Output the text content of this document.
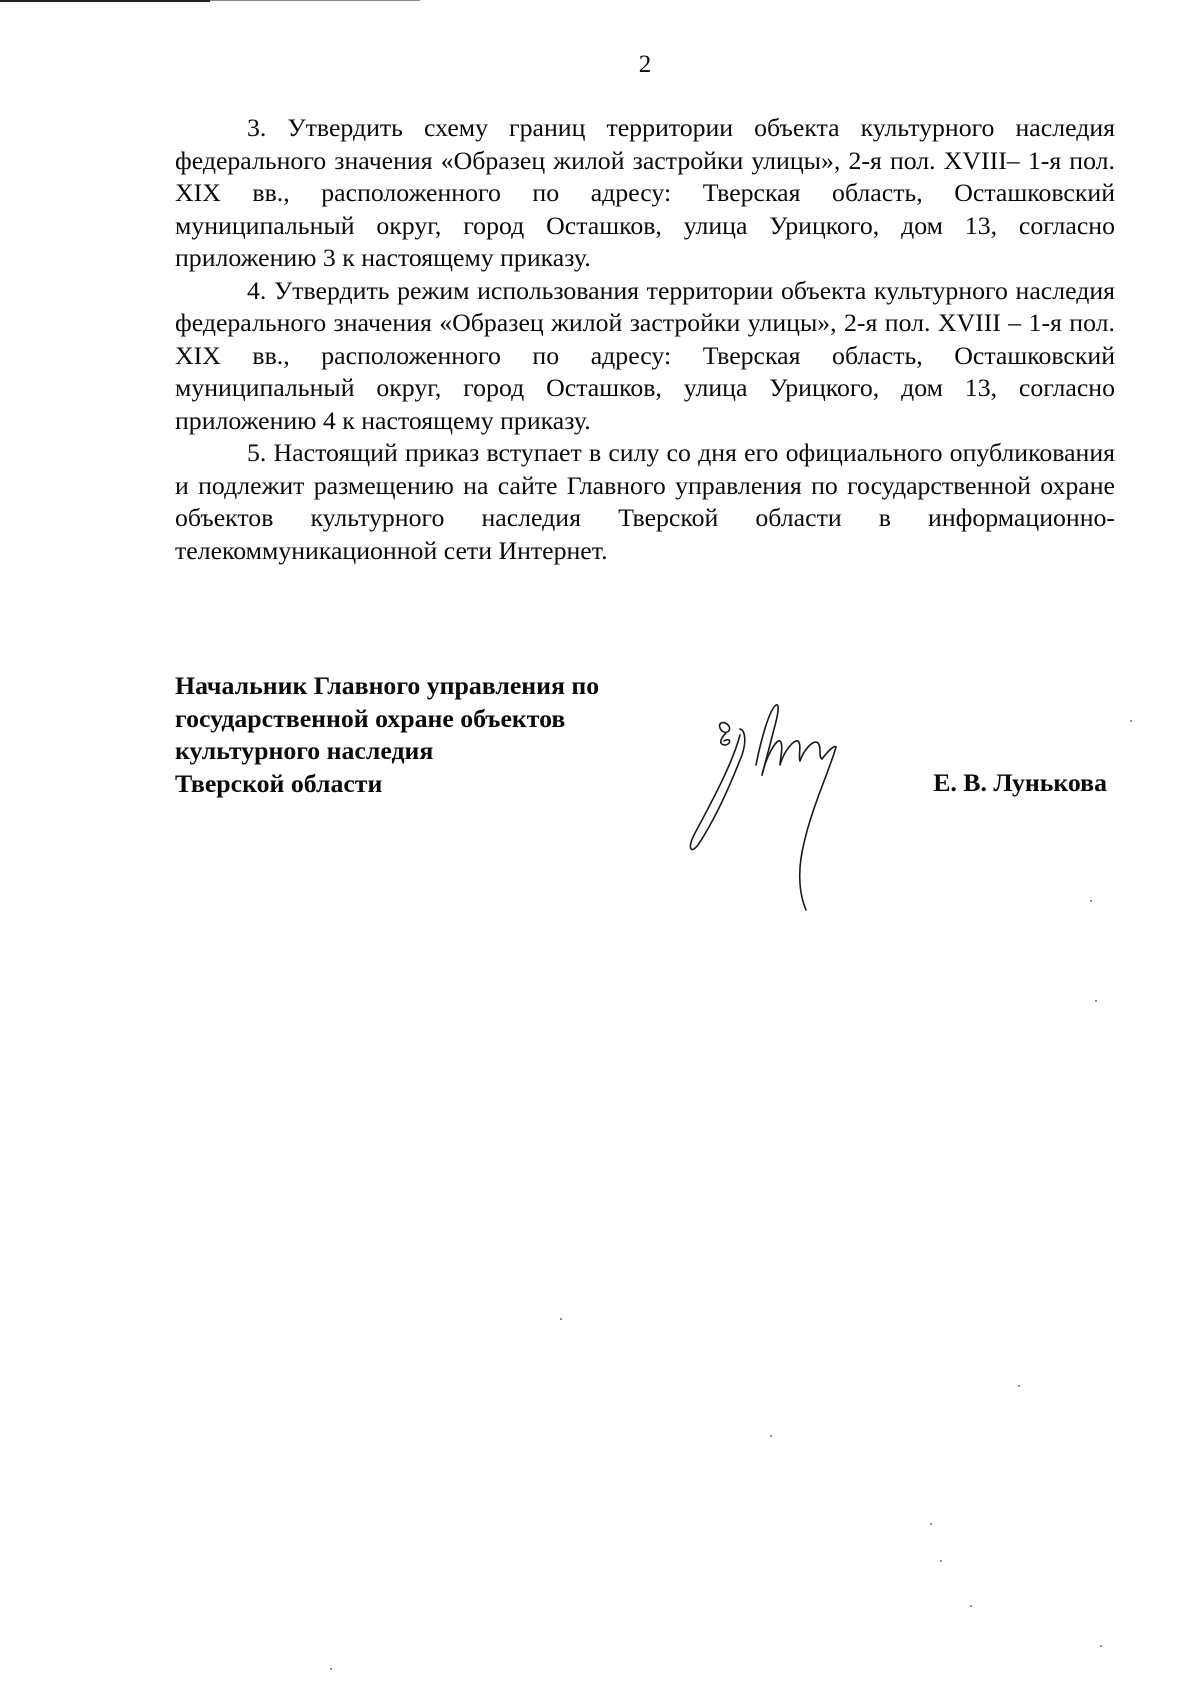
2

3. Утвердить схему границ территории объекта культурного наследия федерального значения «Образец жилой застройки улицы», 2-я пол. XVIII– 1-я пол. XIX вв., расположенного по адресу: Тверская область, Осташковский муниципальный округ, город Осташков, улица Урицкого, дом 13, согласно приложению 3 к настоящему приказу.

4. Утвердить режим использования территории объекта культурного наследия федерального значения «Образец жилой застройки улицы», 2-я пол. XVIII – 1-я пол. XIX вв., расположенного по адресу: Тверская область, Осташковский муниципальный округ, город Осташков, улица Урицкого, дом 13, согласно приложению 4 к настоящему приказу.

5. Настоящий приказ вступает в силу со дня его официального опубликования и подлежит размещению на сайте Главного управления по государственной охране объектов культурного наследия Тверской области в информационно-телекоммуникационной сети Интернет.

Начальник Главного управления по
государственной охране объектов
культурного наследия
Тверской области	Е. В. Лунькова
